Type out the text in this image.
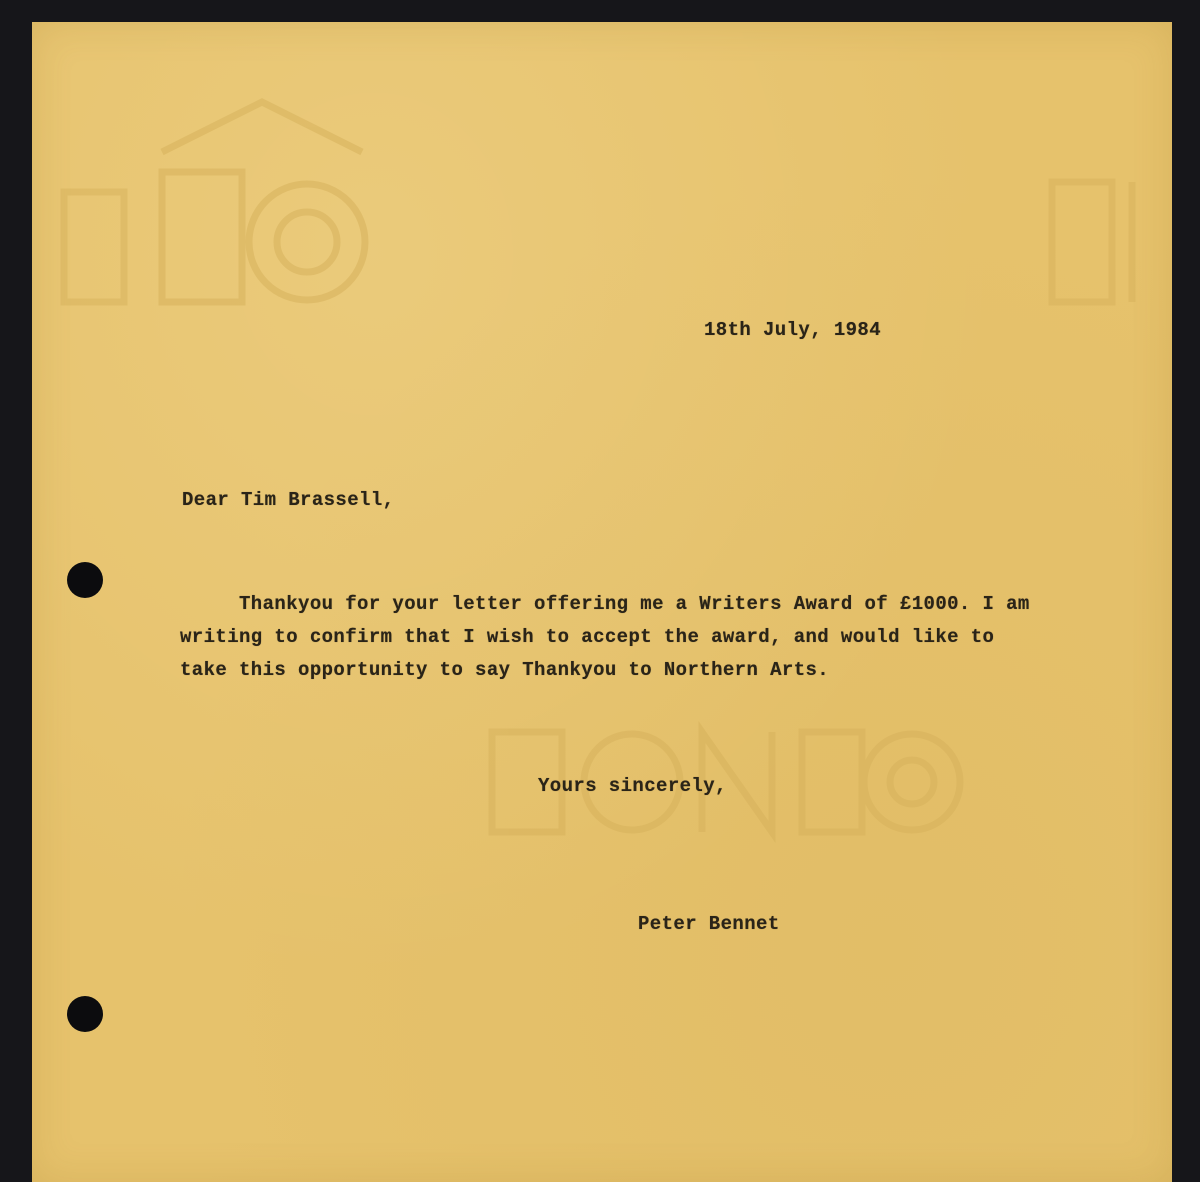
18th July, 1984
Dear Tim Brassell,
Thankyou for your letter offering me a Writers Award of £1000. I am
writing to confirm that I wish to accept the award, and would like to
take this opportunity to say Thankyou to Northern Arts.
Yours sincerely,
Peter Bennet
